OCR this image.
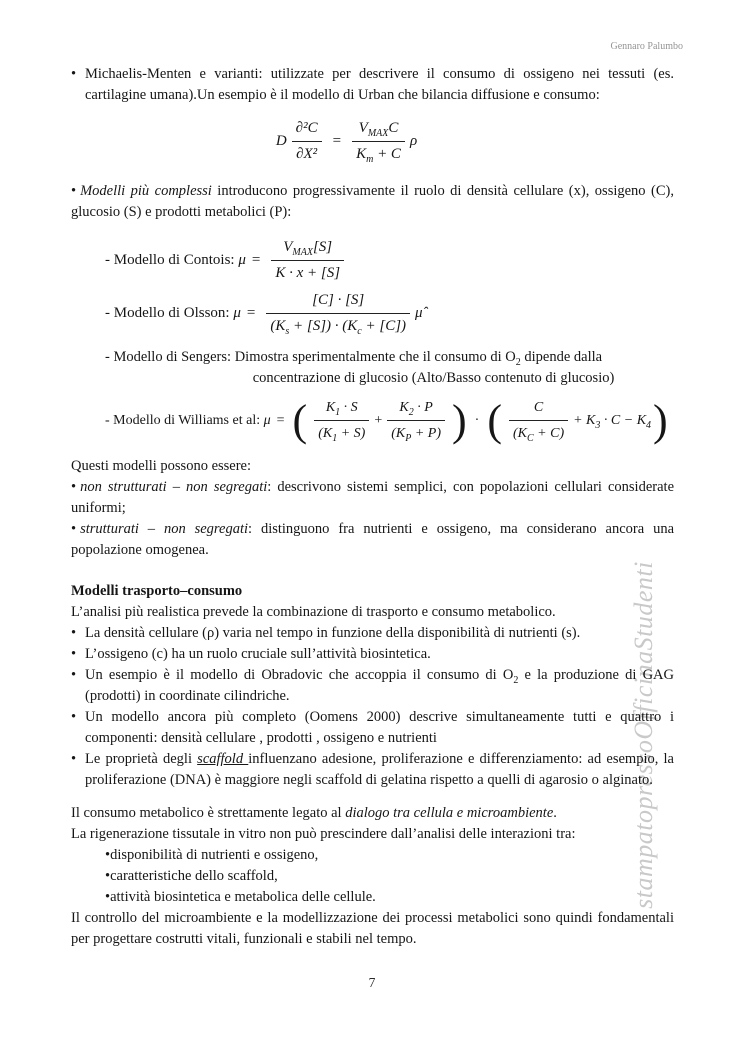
Gennaro Palumbo
stampatopressoOfficinaStudenti
• Michaelis-Menten e varianti: utilizzate per descrivere il consumo di ossigeno nei tessuti (es. cartilagine umana).Un esempio è il modello di Urban che bilancia diffusione e consumo:
D $\frac{\text{∂²C}}{\text{∂X²}} = \frac{V_{MAX}C}{K_m + C}$ ρ

• Modelli più complessi introducono progressivamente il ruolo di densità cellulare (x), ossigeno (C), glucosio (S) e prodotti metabolici (P):

- Modello di Contois: $\mu = \frac{V_{MAX}[S]}{K \cdot x + [S]}$
- Modello di Olsson: $\mu = \frac{[C] \cdot [S]}{(K_s + [S]) \cdot (K_c + [C])}$ μ̂
- Modello di Sengers: Dimostra sperimentalmente che il consumo di $O_2$ dipende dalla
concentrazione di glucosio (Alto/Basso contenuto di glucosio)
- Modello di Williams et al: μ = ( $\frac{K_1 \cdot S}{(K_1 + S)} + \frac{K_2 \cdot P}{(K_P + P)}$ ) · ( $\frac{C}{(K_C + C)} + K_3 \cdot C - K_4$ )

Questi modelli possono essere:

• non strutturati – non segregati: descrivono sistemi semplici, con popolazioni cellulari considerate uniformi;

• strutturati – non segregati: distinguono fra nutrienti e ossigeno, ma considerano ancora una popolazione omogenea.

Modelli trasporto–consumo

L’analisi più realistica prevede la combinazione di trasporto e consumo metabolico.

• La densità cellulare (ρ) varia nel tempo in funzione della disponibilità di nutrienti (s).
• L’ossigeno (c) ha un ruolo cruciale sull’attività biosintetica.
• Un esempio è il modello di Obradovic che accoppia il consumo di $O_2$ e la produzione di GAG (prodotti) in coordinate cilindriche.
• Un modello ancora più completo (Oomens 2000) descrive simultaneamente tutti e quattro i componenti: densità cellulare , prodotti , ossigeno e nutrienti
• Le proprietà degli scaffold influenzano adesione, proliferazione e differenziamento: ad esempio, la proliferazione (DNA) è maggiore negli scaffold di gelatina rispetto a quelli di agarosio o alginato.

Il consumo metabolico è strettamente legato al dialogo tra cellula e microambiente.

La rigenerazione tissutale in vitro non può prescindere dall’analisi delle interazioni tra:

• disponibilità di nutrienti e ossigeno,
• caratteristiche dello scaffold,
• attività biosintetica e metabolica delle cellule.

Il controllo del microambiente e la modellizzazione dei processi metabolici sono quindi fondamentali per progettare costrutti vitali, funzionali e stabili nel tempo.

7
